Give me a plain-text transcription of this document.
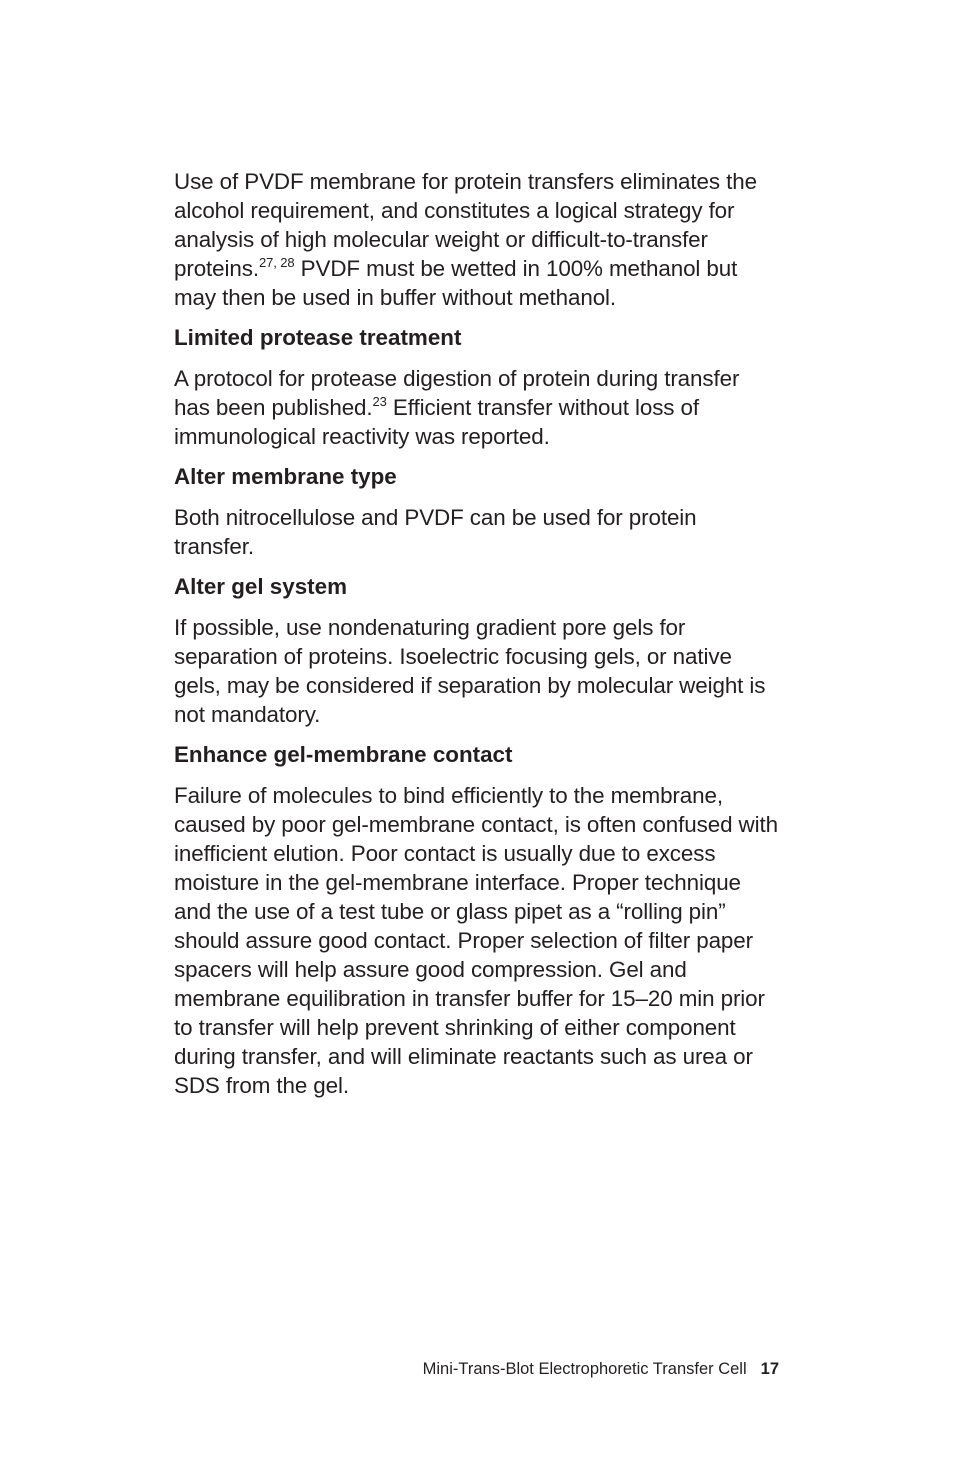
Use of PVDF membrane for protein transfers eliminates the alcohol requirement, and constitutes a logical strategy for analysis of high molecular weight or difficult-to-transfer proteins.$^{27, 28}$ PVDF must be wetted in 100% methanol but may then be used in buffer without methanol.

Limited protease treatment

A protocol for protease digestion of protein during transfer has been published.$^{23}$ Efficient transfer without loss of immunological reactivity was reported.

Alter membrane type

Both nitrocellulose and PVDF can be used for protein transfer.

Alter gel system

If possible, use nondenaturing gradient pore gels for separation of proteins. Isoelectric focusing gels, or native gels, may be considered if separation by molecular weight is not mandatory.

Enhance gel-membrane contact

Failure of molecules to bind efficiently to the membrane, caused by poor gel-membrane contact, is often confused with inefficient elution. Poor contact is usually due to excess moisture in the gel-membrane interface. Proper technique and the use of a test tube or glass pipet as a “rolling pin” should assure good contact. Proper selection of filter paper spacers will help assure good compression. Gel and membrane equilibration in transfer buffer for 15–20 min prior to transfer will help prevent shrinking of either component during transfer, and will eliminate reactants such as urea or SDS from the gel.

Mini-Trans-Blot Electrophoretic Transfer Cell 17
